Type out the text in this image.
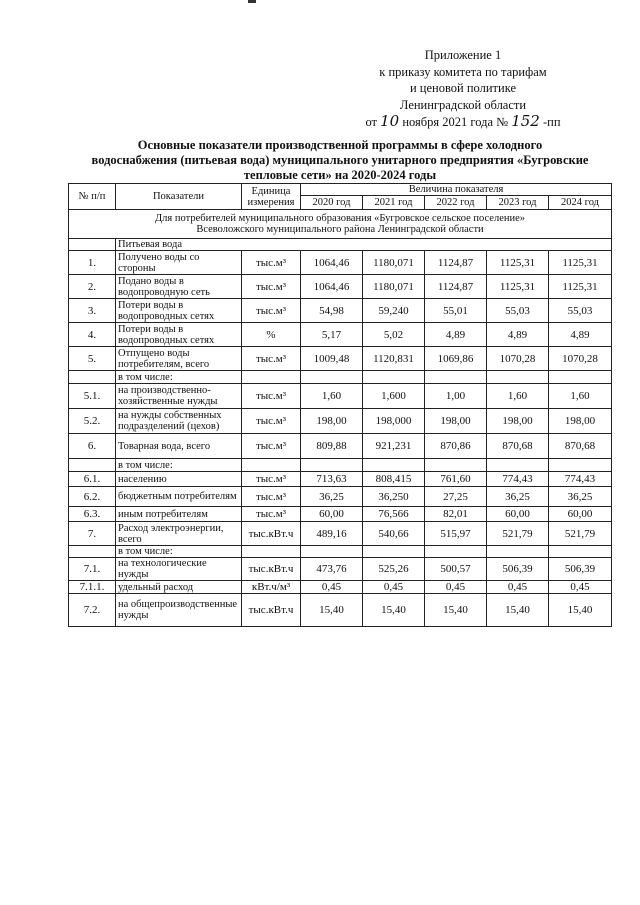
Приложение 1
к приказу комитета по тарифам
и ценовой политике
Ленинградской области
от 10 ноября 2021 года № 152 -пп
Основные показатели производственной программы в сфере холодного
водоснабжения (питьевая вода) муниципального унитарного предприятия «Бугровские
тепловые сети» на 2020-2024 годы
№ п/п	Показатели	Единица измерения	Величина показателя				
			2020 год	2021 год	2022 год	2023 год	2024 год

Для потребителей муниципального образования «Бугровское сельское поселение»
Всеволожского муниципального района Ленинградской области							

	Питьевая вода						
1.	Получено воды со стороны	тыс.м³	1064,46	1180,071	1124,87	1125,31	1125,31
2.	Подано воды в водопроводную сеть	тыс.м³	1064,46	1180,071	1124,87	1125,31	1125,31
3.	Потери воды в водопроводных сетях	тыс.м³	54,98	59,240	55,01	55,03	55,03
4.	Потери воды в водопроводных сетях	%	5,17	5,02	4,89	4,89	4,89
5.	Отпущено воды потребителям, всего	тыс.м³	1009,48	1120,831	1069,86	1070,28	1070,28
	в том числе:						
5.1.	на производственно-хозяйственные нужды	тыс.м³	1,60	1,600	1,00	1,60	1,60
5.2.	на нужды собственных подразделений (цехов)	тыс.м³	198,00	198,000	198,00	198,00	198,00
6.	Товарная вода, всего	тыс.м³	809,88	921,231	870,86	870,68	870,68
	в том числе:						
6.1.	населению	тыс.м³	713,63	808,415	761,60	774,43	774,43
6.2.	бюджетным потребителям	тыс.м³	36,25	36,250	27,25	36,25	36,25
6.3.	иным потребителям	тыс.м³	60,00	76,566	82,01	60,00	60,00
7.	Расход электроэнергии, всего	тыс.кВт.ч	489,16	540,66	515,97	521,79	521,79
	в том числе:						
7.1.	на технологические нужды	тыс.кВт.ч	473,76	525,26	500,57	506,39	506,39
7.1.1.	удельный расход	кВт.ч/м³	0,45	0,45	0,45	0,45	0,45
7.2.	на общепроизводственные нужды	тыс.кВт.ч	15,40	15,40	15,40	15,40	15,40
